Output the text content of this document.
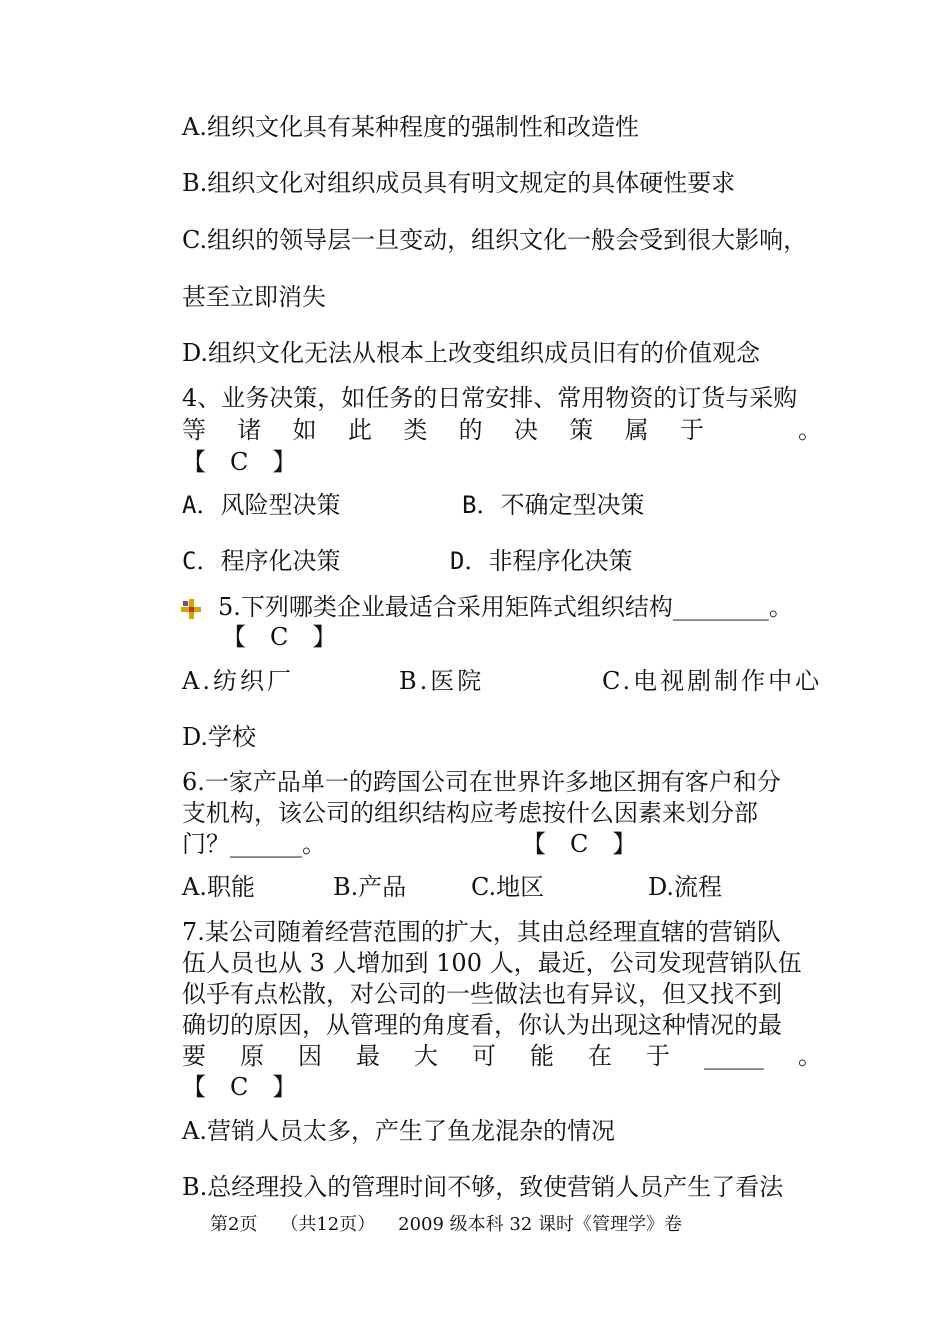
A.组织文化具有某种程度的强制性和改造性
B.组织文化对组织成员具有明文规定的具体硬性要求
C.组织的领导层一旦变动，组织文化一般会受到很大影响，
甚至立即消失
D.组织文化无法从根本上改变组织成员旧有的价值观念
4、业务决策，如任务的日常安排、常用物资的订货与采购
等 诸 如 此 类 的 决 策 属 于	。
【　C　】
A．风险型决策	B．不确定型决策
C．程序化决策	D．非程序化决策
5.下列哪类企业最适合采用矩阵式组织结构________。
【　C　】
A.纺织厂	B.医院	C.电视剧制作中心
D.学校
6.一家产品单一的跨国公司在世界许多地区拥有客户和分
支机构，该公司的组织结构应考虑按什么因素来划分部
门？______。	【　C　】
A.职能	B.产品	C.地区	D.流程
7.某公司随着经营范围的扩大，其由总经理直辖的营销队
伍人员也从 3 人增加到 100 人，最近，公司发现营销队伍
似乎有点松散，对公司的一些做法也有异议，但又找不到
确切的原因，从管理的角度看，你认为出现这种情况的最
要 原 因 最 大 可 能 在 于 _____ 。
【　C　】
A.营销人员太多，产生了鱼龙混杂的情况
B.总经理投入的管理时间不够，致使营销人员产生了看法
第2页 （共12页） 2009 级本科 32 课时《管理学》卷
